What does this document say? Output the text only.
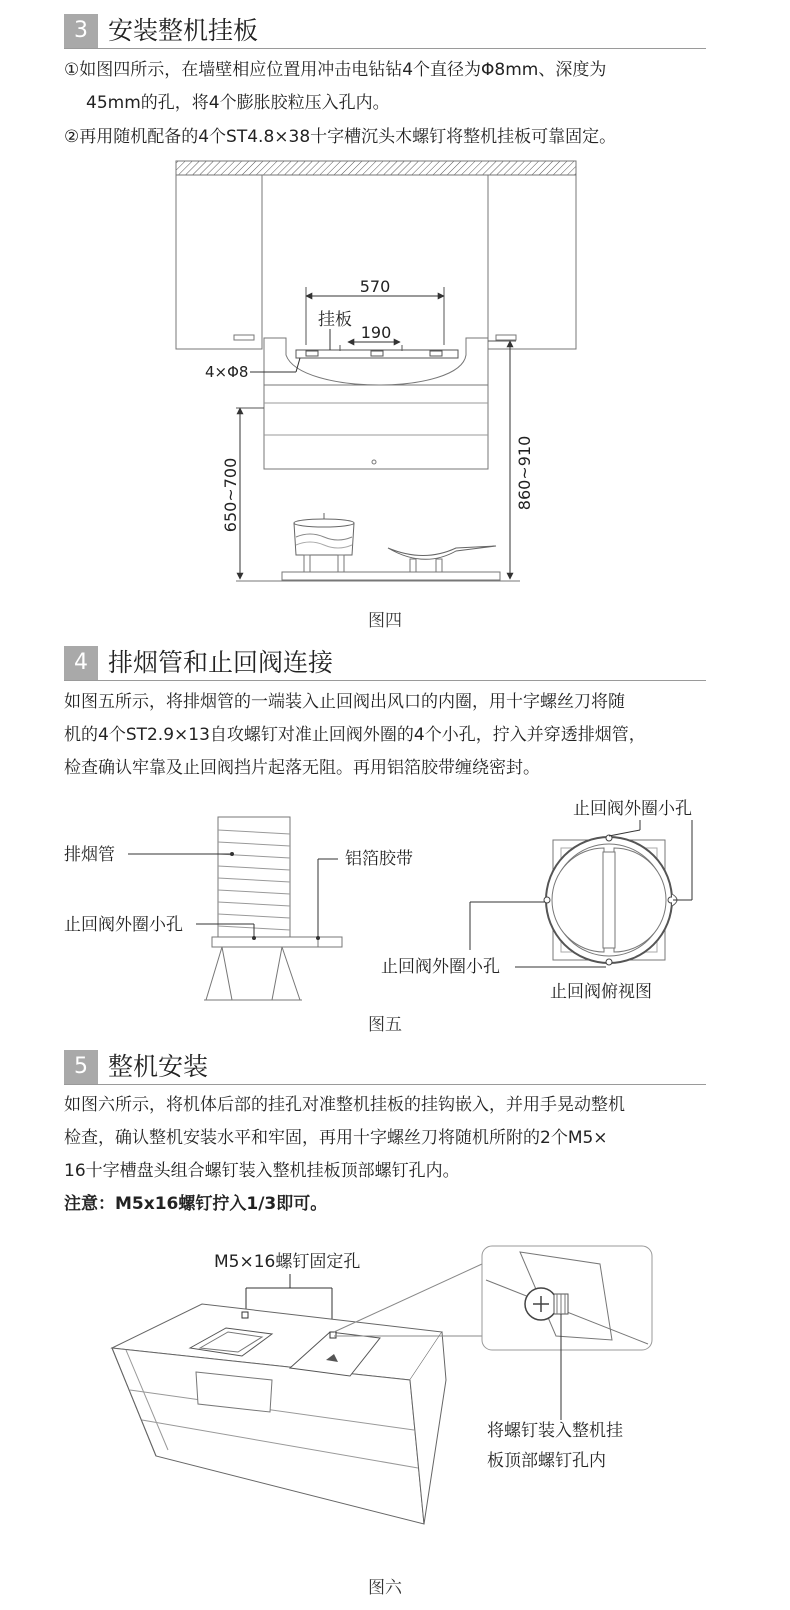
3 安装整机挂板

①如图四所示，在墙壁相应位置用冲击电钻钻4个直径为Φ8mm、深度为
45mm的孔，将4个膨胀胶粒压入孔内。

②再用随机配备的4个ST4.8×38十字槽沉头木螺钉将整机挂板可靠固定。

570
挂板
190
4×Φ8
650~700	860~910
图四
4 排烟管和止回阀连接

如图五所示，将排烟管的一端装入止回阀出风口的内圈，用十字螺丝刀将随
机的4个ST2.9×13自攻螺钉对准止回阀外圈的4个小孔，拧入并穿透排烟管，
检查确认牢靠及止回阀挡片起落无阻。再用铝箔胶带缠绕密封。

排烟管	铝箔胶带
止回阀外圈小孔
止回阀外圈小孔
止回阀外圈小孔
止回阀俯视图
图五
5 整机安装

如图六所示，将机体后部的挂孔对准整机挂板的挂钩嵌入，并用手晃动整机
检查，确认整机安装水平和牢固，再用十字螺丝刀将随机所附的2个M5×
16十字槽盘头组合螺钉装入整机挂板顶部螺钉孔内。
注意：M5x16螺钉拧入1/3即可。

M5×16螺钉固定孔
将螺钉装入整机挂
板顶部螺钉孔内
图六
